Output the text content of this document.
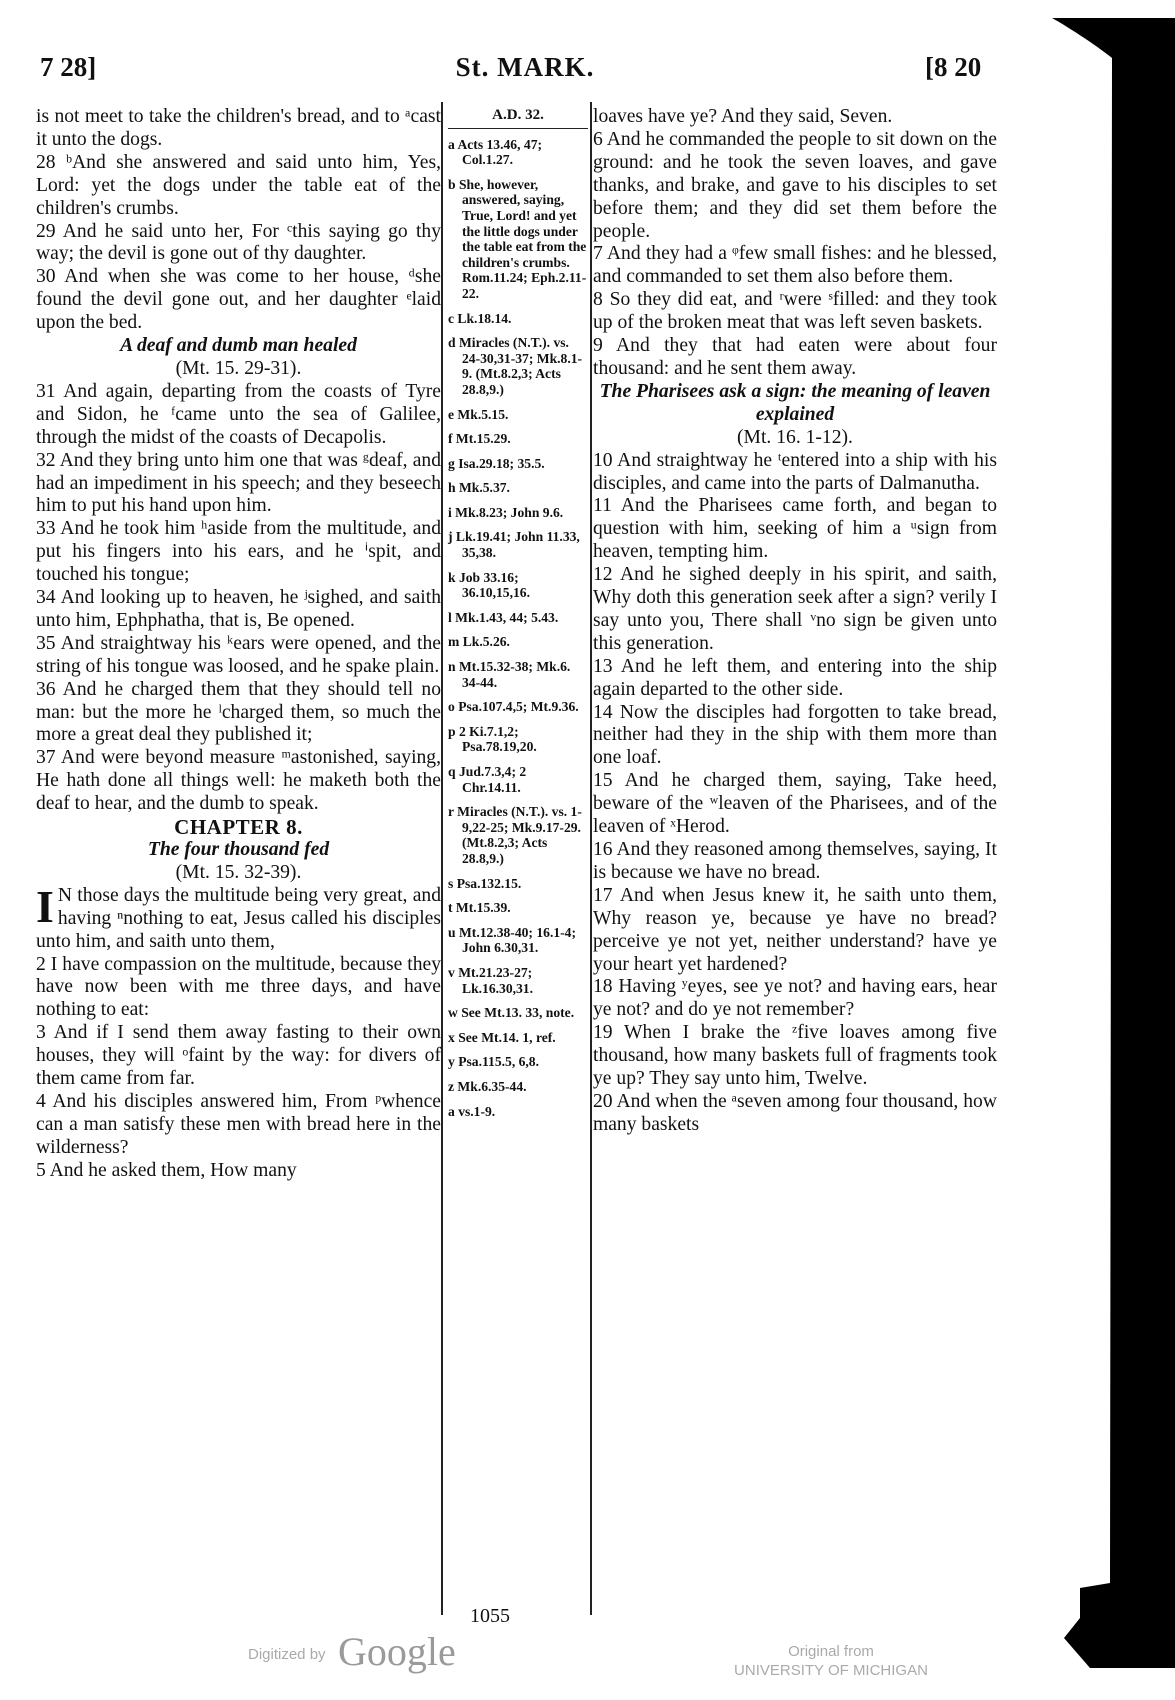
7 28]	St. MARK.	[8 20

is not meet to take the children's bread, and to ᵃcast it unto the dogs.

28 ᵇAnd she answered and said unto him, Yes, Lord: yet the dogs under the table eat of the children's crumbs.

29 And he said unto her, For ᶜthis saying go thy way; the devil is gone out of thy daughter.

30 And when she was come to her house, ᵈshe found the devil gone out, and her daughter ᵉlaid upon the bed.

A deaf and dumb man healed

(Mt. 15. 29-31).

31 And again, departing from the coasts of Tyre and Sidon, he ᶠcame unto the sea of Galilee, through the midst of the coasts of Decapolis.

32 And they bring unto him one that was ᵍdeaf, and had an impediment in his speech; and they beseech him to put his hand upon him.

33 And he took him ʰaside from the multitude, and put his fingers into his ears, and he ⁱspit, and touched his tongue;

34 And looking up to heaven, he ʲsighed, and saith unto him, Ephphatha, that is, Be opened.

35 And straightway his ᵏears were opened, and the string of his tongue was loosed, and he spake plain.

36 And he charged them that they should tell no man: but the more he ˡcharged them, so much the more a great deal they published it;

37 And were beyond measure ᵐastonished, saying, He hath done all things well: he maketh both the deaf to hear, and the dumb to speak.

CHAPTER 8.

The four thousand fed

(Mt. 15. 32-39).

I N those days the multitude being very great, and having ⁿnothing to eat, Jesus called his disciples unto him, and saith unto them,

2 I have compassion on the multitude, because they have now been with me three days, and have nothing to eat:

3 And if I send them away fasting to their own houses, they will ᵒfaint by the way: for divers of them came from far.

4 And his disciples answered him, From ᵖwhence can a man satisfy these men with bread here in the wilderness?

5 And he asked them, How many

A.D. 32.
a Acts 13.46, 47; Col.1.27.
b She, however, answered, saying, True, Lord! and yet the little dogs under the table eat from the children's crumbs. Rom.11.24; Eph.2.11-22.
c Lk.18.14.
d Miracles (N.T.). vs. 24-30,31-37; Mk.8.1-9. (Mt.8.2,3; Acts 28.8,9.)
e Mk.5.15.
f Mt.15.29.
g Isa.29.18; 35.5.
h Mk.5.37.
i Mk.8.23; John 9.6.
j Lk.19.41; John 11.33, 35,38.
k Job 33.16; 36.10,15,16.
l Mk.1.43, 44; 5.43.
m Lk.5.26.
n Mt.15.32-38; Mk.6. 34-44.
o Psa.107.4,5; Mt.9.36.
p 2 Ki.7.1,2; Psa.78.19,20.
q Jud.7.3,4; 2 Chr.14.11.
r Miracles (N.T.). vs. 1-9,22-25; Mk.9.17-29. (Mt.8.2,3; Acts 28.8,9.)
s Psa.132.15.
t Mt.15.39.
u Mt.12.38-40; 16.1-4; John 6.30,31.
v Mt.21.23-27; Lk.16.30,31.
w See Mt.13. 33, note.
x See Mt.14. 1, ref.
y Psa.115.5, 6,8.
z Mk.6.35-44.
a vs.1-9.

loaves have ye? And they said, Seven.

6 And he commanded the people to sit down on the ground: and he took the seven loaves, and gave thanks, and brake, and gave to his disciples to set before them; and they did set them before the people.

7 And they had a ᵠfew small fishes: and he blessed, and commanded to set them also before them.

8 So they did eat, and ʳwere ˢfilled: and they took up of the broken meat that was left seven baskets.

9 And they that had eaten were about four thousand: and he sent them away.

The Pharisees ask a sign: the meaning of leaven explained

(Mt. 16. 1-12).

10 And straightway he ᵗentered into a ship with his disciples, and came into the parts of Dalmanutha.

11 And the Pharisees came forth, and began to question with him, seeking of him a ᵘsign from heaven, tempting him.

12 And he sighed deeply in his spirit, and saith, Why doth this generation seek after a sign? verily I say unto you, There shall ᵛno sign be given unto this generation.

13 And he left them, and entering into the ship again departed to the other side.

14 Now the disciples had forgotten to take bread, neither had they in the ship with them more than one loaf.

15 And he charged them, saying, Take heed, beware of the ʷleaven of the Pharisees, and of the leaven of ˣHerod.

16 And they reasoned among themselves, saying, It is because we have no bread.

17 And when Jesus knew it, he saith unto them, Why reason ye, because ye have no bread? perceive ye not yet, neither understand? have ye your heart yet hardened?

18 Having ʸeyes, see ye not? and having ears, hear ye not? and do ye not remember?

19 When I brake the ᶻfive loaves among five thousand, how many baskets full of fragments took ye up? They say unto him, Twelve.

20 And when the ᵃseven among four thousand, how many baskets

1055
Digitized by Google	Original from
UNIVERSITY OF MICHIGAN
